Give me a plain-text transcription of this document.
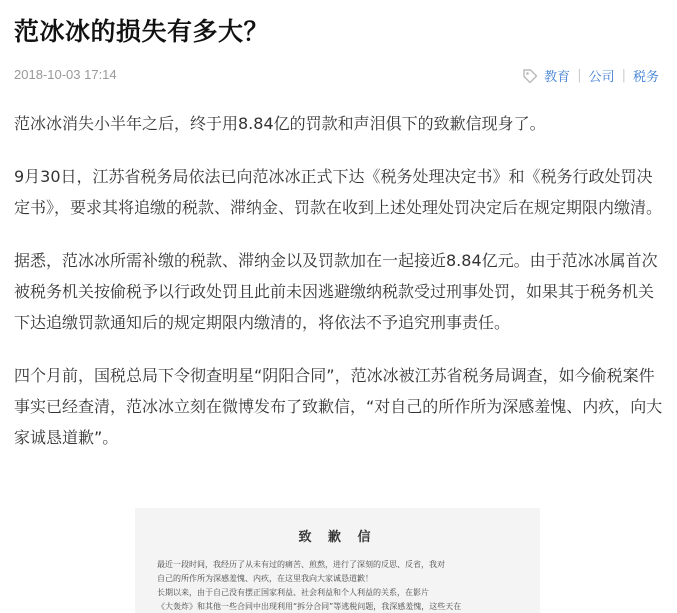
范冰冰的损失有多大？
2018-10-03 17:14	教育 | 公司 | 税务

范冰冰消失小半年之后，终于用8.84亿的罚款和声泪俱下的致歉信现身了。

9月30日，江苏省税务局依法已向范冰冰正式下达《税务处理决定书》和《税务行政处罚决定书》，要求其将追缴的税款、滞纳金、罚款在收到上述处理处罚决定后在规定期限内缴清。

据悉，范冰冰所需补缴的税款、滞纳金以及罚款加在一起接近8.84亿元。由于范冰冰属首次被税务机关按偷税予以行政处罚且此前未因逃避缴纳税款受过刑事处罚，如果其于税务机关下达追缴罚款通知后的规定期限内缴清的，将依法不予追究刑事责任。

四个月前，国税总局下令彻查明星“阴阳合同”，范冰冰被江苏省税务局调查，如今偷税案件事实已经查清，范冰冰立刻在微博发布了致歉信，“对自己的所作所为深感羞愧、内疚，向大家诚恳道歉”。

致 歉 信
最近一段时间，我经历了从未有过的痛苦、煎熬，进行了深刻的反思、反省，我对
自己的所作所为深感羞愧、内疚，在这里我向大家诚恳道歉！
长期以来，由于自己没有摆正国家利益、社会利益和个人利益的关系，在影片
《大轰炸》和其他一些合同中出现利用“拆分合同”等逃税问题，我深感羞愧，这些天在
